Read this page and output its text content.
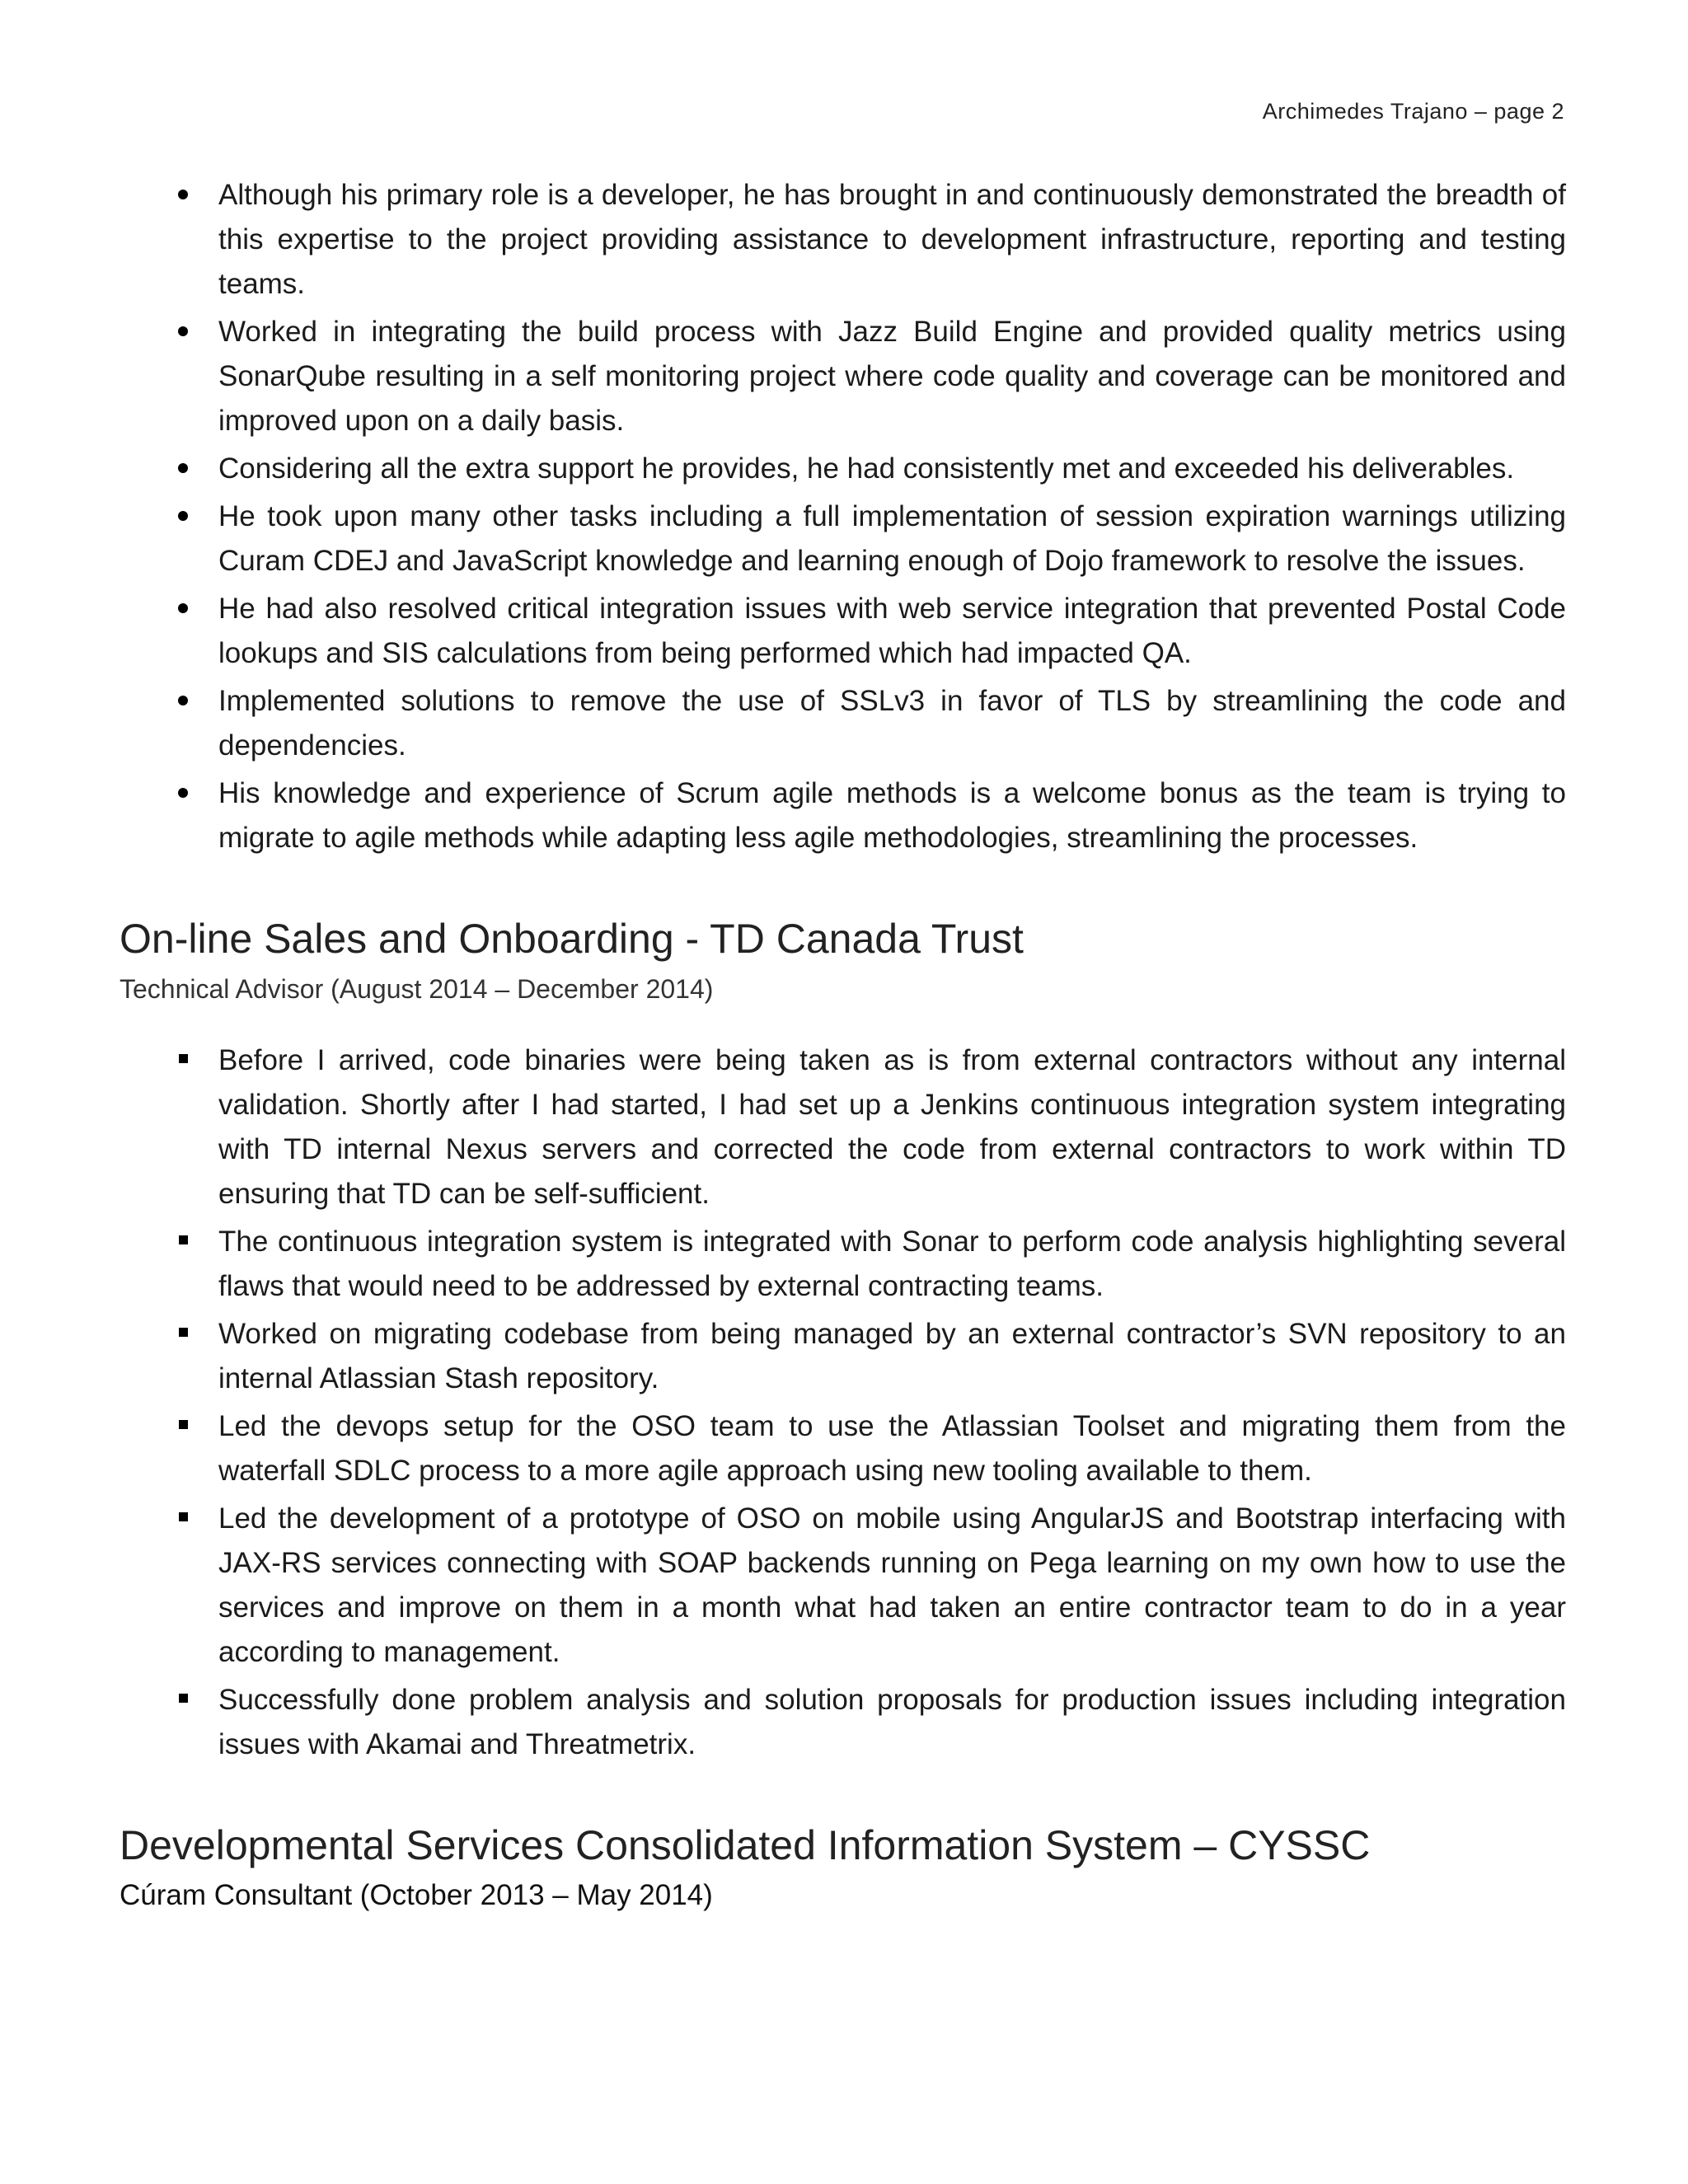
Archimedes Trajano – page 2
Although his primary role is a developer, he has brought in and continuously demonstrated the breadth of this expertise to the project providing assistance to development infrastructure, reporting and testing teams.
Worked in integrating the build process with Jazz Build Engine and provided quality metrics using SonarQube resulting in a self monitoring project where code quality and coverage can be monitored and improved upon on a daily basis.
Considering all the extra support he provides, he had consistently met and exceeded his deliverables.
He took upon many other tasks including a full implementation of session expiration warnings utilizing Curam CDEJ and JavaScript knowledge and learning enough of Dojo framework to resolve the issues.
He had also resolved critical integration issues with web service integration that prevented Postal Code lookups and SIS calculations from being performed which had impacted QA.
Implemented solutions to remove the use of SSLv3 in favor of TLS by streamlining the code and dependencies.
His knowledge and experience of Scrum agile methods is a welcome bonus as the team is trying to migrate to agile methods while adapting less agile methodologies, streamlining the processes.
On-line Sales and Onboarding - TD Canada Trust
Technical Advisor (August 2014 – December 2014)
Before I arrived, code binaries were being taken as is from external contractors without any internal validation. Shortly after I had started, I had set up a Jenkins continuous integration system integrating with TD internal Nexus servers and corrected the code from external contractors to work within TD ensuring that TD can be self-sufficient.
The continuous integration system is integrated with Sonar to perform code analysis highlighting several flaws that would need to be addressed by external contracting teams.
Worked on migrating codebase from being managed by an external contractor’s SVN repository to an internal Atlassian Stash repository.
Led the devops setup for the OSO team to use the Atlassian Toolset and migrating them from the waterfall SDLC process to a more agile approach using new tooling available to them.
Led the development of a prototype of OSO on mobile using AngularJS and Bootstrap interfacing with JAX-RS services connecting with SOAP backends running on Pega learning on my own how to use the services and improve on them in a month what had taken an entire contractor team to do in a year according to management.
Successfully done problem analysis and solution proposals for production issues including integration issues with Akamai and Threatmetrix.
Developmental Services Consolidated Information System – CYSSC
Cúram Consultant (October 2013 – May 2014)
